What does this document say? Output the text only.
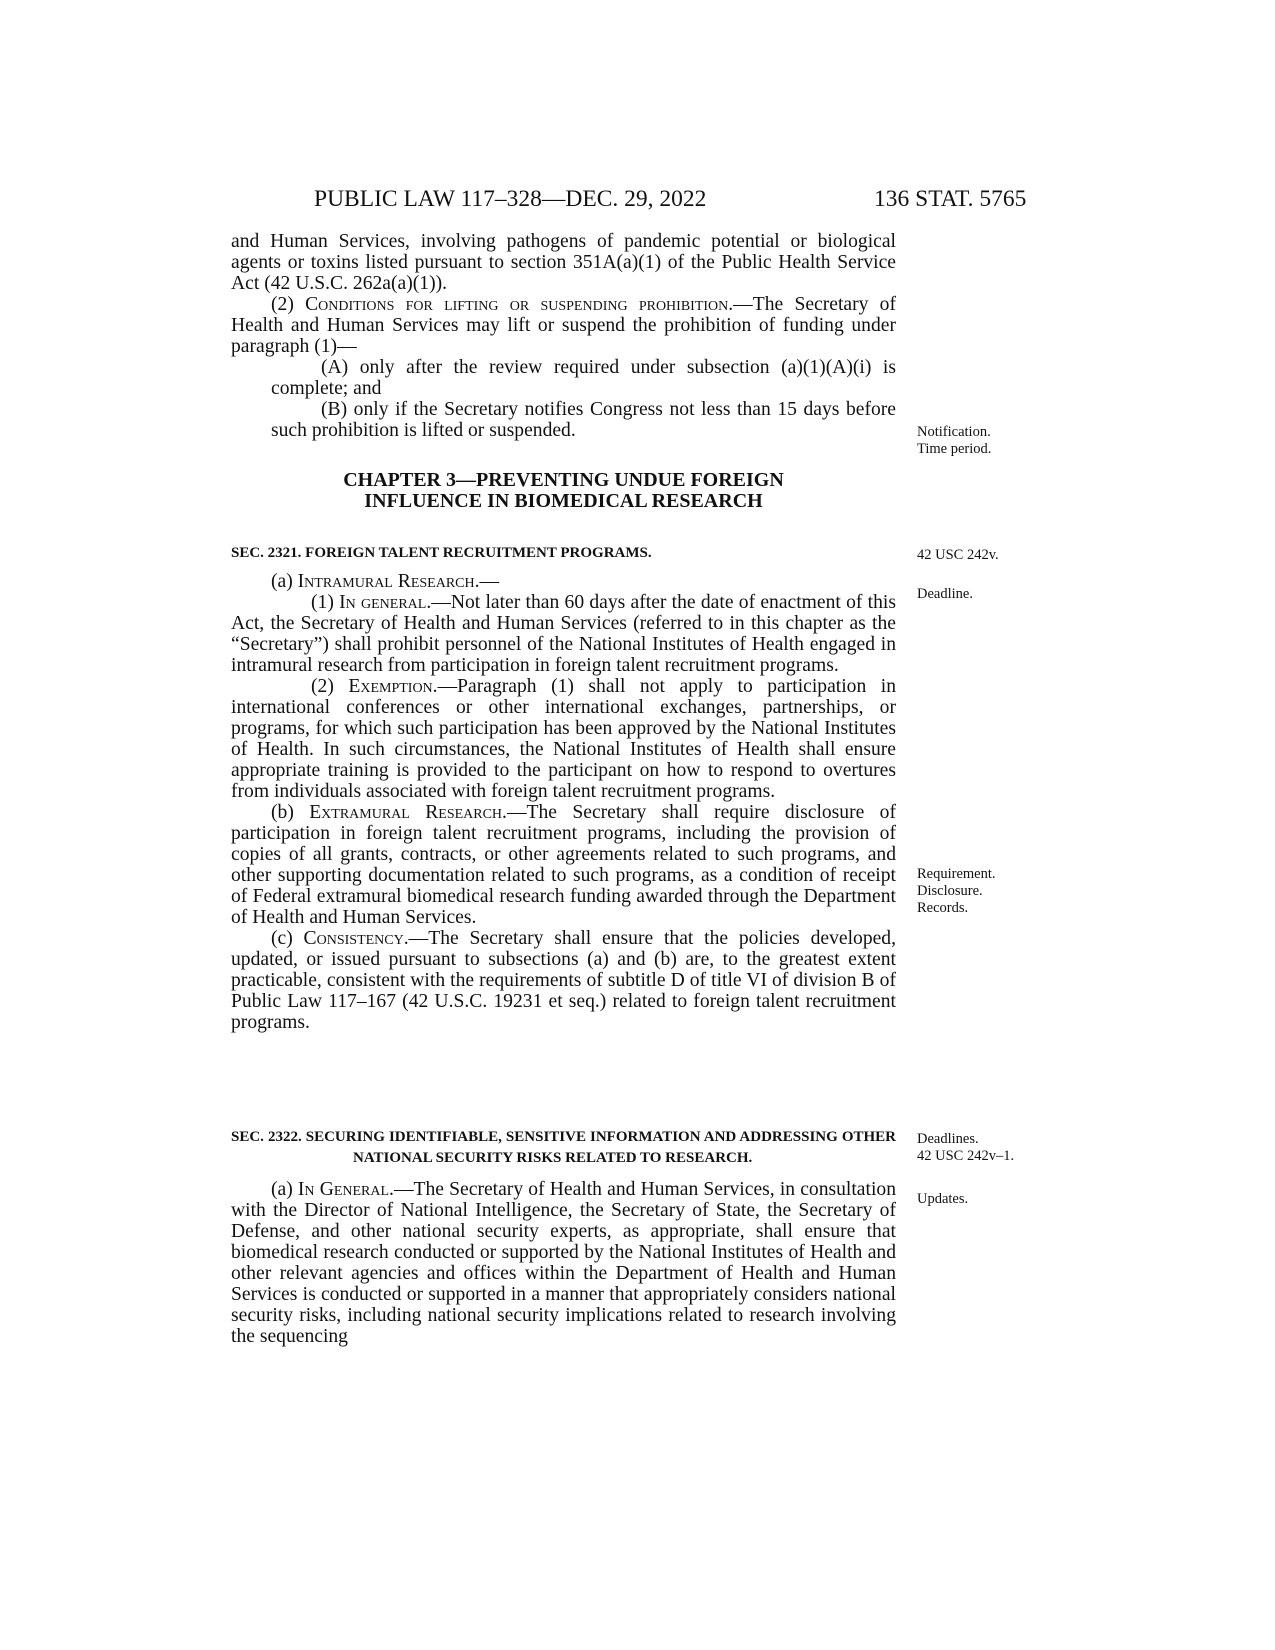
PUBLIC LAW 117–328—DEC. 29, 2022	136 STAT. 5765

and Human Services, involving pathogens of pandemic potential or biological agents or toxins listed pursuant to section 351A(a)(1) of the Public Health Service Act (42 U.S.C. 262a(a)(1)).

(2) Conditions for lifting or suspending prohibition.—The Secretary of Health and Human Services may lift or suspend the prohibition of funding under paragraph (1)—

(A) only after the review required under subsection (a)(1)(A)(i) is complete; and

(B) only if the Secretary notifies Congress not less than 15 days before such prohibition is lifted or suspended.

CHAPTER 3—PREVENTING UNDUE FOREIGN
INFLUENCE IN BIOMEDICAL RESEARCH

SEC. 2321. FOREIGN TALENT RECRUITMENT PROGRAMS.

(a) Intramural Research.—

(1) In general.—Not later than 60 days after the date of enactment of this Act, the Secretary of Health and Human Services (referred to in this chapter as the “Secretary”) shall prohibit personnel of the National Institutes of Health engaged in intramural research from participation in foreign talent recruitment programs.

(2) Exemption.—Paragraph (1) shall not apply to participation in international conferences or other international exchanges, partnerships, or programs, for which such participation has been approved by the National Institutes of Health. In such circumstances, the National Institutes of Health shall ensure appropriate training is provided to the participant on how to respond to overtures from individuals associated with foreign talent recruitment programs.

(b) Extramural Research.—The Secretary shall require disclosure of participation in foreign talent recruitment programs, including the provision of copies of all grants, contracts, or other agreements related to such programs, and other supporting documentation related to such programs, as a condition of receipt of Federal extramural biomedical research funding awarded through the Department of Health and Human Services.

(c) Consistency.—The Secretary shall ensure that the policies developed, updated, or issued pursuant to subsections (a) and (b) are, to the greatest extent practicable, consistent with the requirements of subtitle D of title VI of division B of Public Law 117–167 (42 U.S.C. 19231 et seq.) related to foreign talent recruitment programs.

SEC. 2322. SECURING IDENTIFIABLE, SENSITIVE INFORMATION AND ADDRESSING OTHER NATIONAL SECURITY RISKS RELATED TO RESEARCH.

(a) In General.—The Secretary of Health and Human Services, in consultation with the Director of National Intelligence, the Secretary of State, the Secretary of Defense, and other national security experts, as appropriate, shall ensure that biomedical research conducted or supported by the National Institutes of Health and other relevant agencies and offices within the Department of Health and Human Services is conducted or supported in a manner that appropriately considers national security risks, including national security implications related to research involving the sequencing

Notification.
Time period.
42 USC 242v.
Deadline.
Requirement.
Disclosure.
Records.
Deadlines.
42 USC 242v–1.
Updates.
